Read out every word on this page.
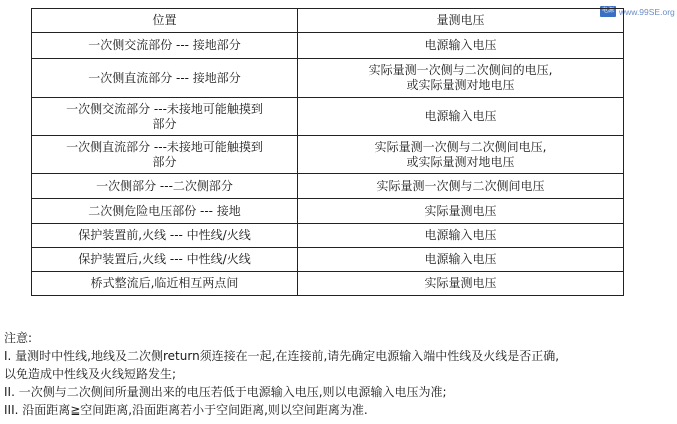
电源 www.99SE.org
位置	量测电压
一次侧交流部份 --- 接地部分	电源输入电压
一次侧直流部分 --- 接地部分	实际量测一次侧与二次侧间的电压,
或实际量测对地电压
一次侧交流部分 ---未接地可能触摸到
部分	电源输入电压
一次侧直流部分 ---未接地可能触摸到
部分	实际量测一次侧与二次侧间电压,
或实际量测对地电压
一次侧部分 ---二次侧部分	实际量测一次侧与二次侧间电压
二次侧危险电压部份 --- 接地	实际量测电压
保护装置前,火线 --- 中性线/火线	电源输入电压
保护装置后,火线 --- 中性线/火线	电源输入电压
桥式整流后,临近相互两点间	实际量测电压
注意:
I. 量测时中性线,地线及二次侧return须连接在一起,在连接前,请先确定电源输入端中性线及火线是否正确,
以免造成中性线及火线短路发生;
II. 一次侧与二次侧间所量测出来的电压若低于电源输入电压,则以电源输入电压为准;
III. 沿面距离≧空间距离,沿面距离若小于空间距离,则以空间距离为准.
